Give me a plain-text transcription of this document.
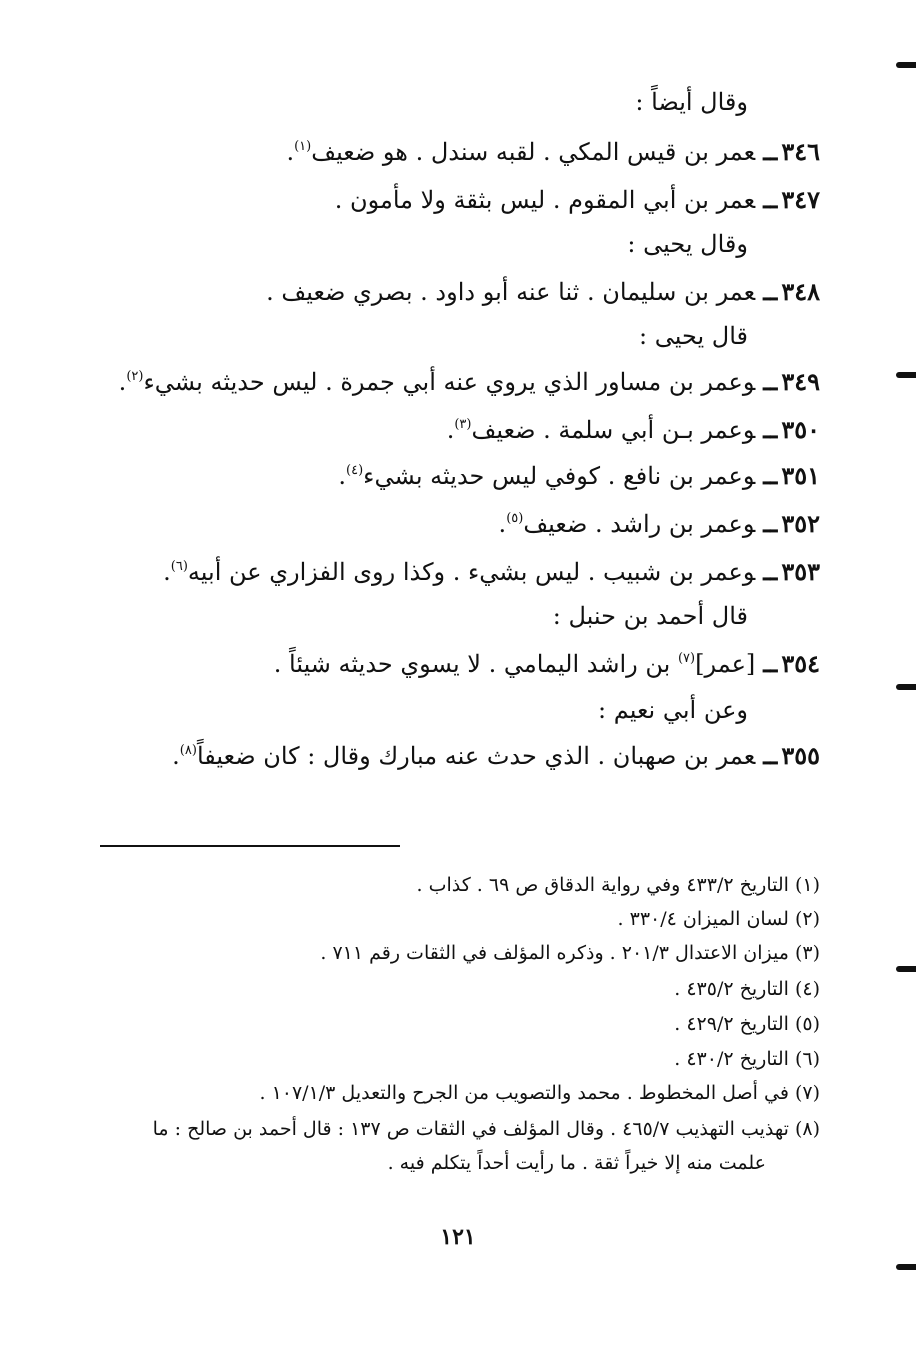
وقال أيضاً :
٣٤٦ــعمر بن قيس المكي . لقبه سندل . هو ضعيف$^{(١)}$.
٣٤٧ــعمر بن أبي المقوم . ليس بثقة ولا مأمون .
وقال يحيى :
٣٤٨ــعمر بن سليمان . ثنا عنه أبو داود . بصري ضعيف .
قال يحيى :
٣٤٩ــوعمر بن مساور الذي يروي عنه أبي جمرة . ليس حديثه بشيء$^{(٢)}$.
٣٥٠ــوعمر بـن أبي سلمة . ضعيف$^{(٣)}$.
٣٥١ــوعمر بن نافع . كوفي ليس حديثه بشيء$^{(٤)}$.
٣٥٢ــوعمر بن راشد . ضعيف$^{(٥)}$.
٣٥٣ــوعمر بن شبيب . ليس بشيء . وكذا روى الفزاري عن أبيه$^{(٦)}$.
قال أحمد بن حنبل :
٣٥٤ــ[عمر]$^{(٧)}$ بن راشد اليمامي . لا يسوي حديثه شيئاً .
وعن أبي نعيم :
٣٥٥ــعمر بن صهبان . الذي حدث عنه مبارك وقال : كان ضعيفاً$^{(٨)}$.
(١)التاريخ ٤٣٣/٢ وفي رواية الدقاق ص ٦٩ . كذاب .
(٢)لسان الميزان ٣٣٠/٤ .
(٣)ميزان الاعتدال ٢٠١/٣ . وذكره المؤلف في الثقات رقم ٧١١ .
(٤)التاريخ ٤٣٥/٢ .
(٥)التاريخ ٤٢٩/٢ .
(٦)التاريخ ٤٣٠/٢ .
(٧)في أصل المخطوط . محمد والتصويب من الجرح والتعديل ١٠٧/١/٣ .
(٨)تهذيب التهذيب ٤٦٥/٧ . وقال المؤلف في الثقات ص ١٣٧ : قال أحمد بن صالح : ما
علمت منه إلا خيراً ثقة . ما رأيت أحداً يتكلم فيه .
١٢١
